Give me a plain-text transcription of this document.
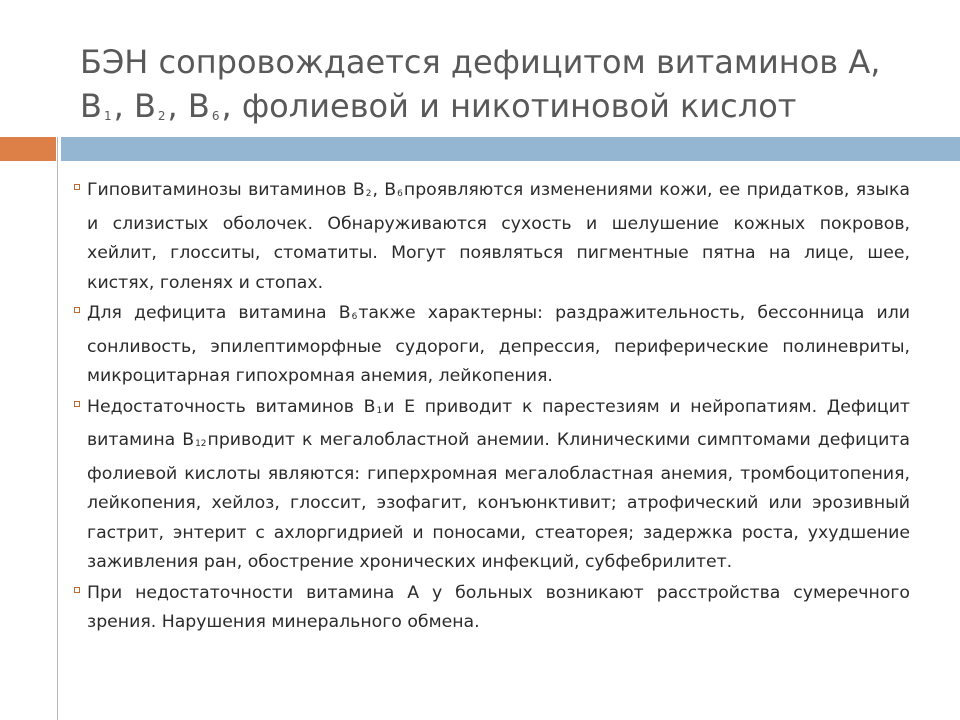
БЭН сопровождается дефицитом витаминов A,
B $_1$, B $_2$, B $_6$, фолиевой и никотиновой кислот

Гиповитаминозы витаминов B2, B6проявляются изменениями кожи, ее придатков, языка и слизистых оболочек. Обнаруживаются сухость и шелушение кожных покровов, хейлит, глосситы, стоматиты. Могут появляться пигментные пятна на лице, шее, кистях, голенях и стопах.

Для дефицита витамина B6также характерны: раздражительность, бессонница или сонливость, эпилептиморфные судороги, депрессия, периферические полиневриты, микроцитарная гипохромная анемия, лейкопения.

Недостаточность витаминов B1и Е приводит к парестезиям и нейропатиям. Дефицит витамина B12приводит к мегалобластной анемии. Клиническими симптомами дефицита фолиевой кислоты являются: гиперхромная мегалобластная анемия, тромбоцитопения, лейкопения, хейлоз, глоссит, эзофагит, конъюнктивит; атрофический или эрозивный гастрит, энтерит с ахлоргидрией и поносами, стеаторея; задержка роста, ухудшение заживления ран, обострение хронических инфекций, субфебрилитет.

При недостаточности витамина А у больных возникают расстройства сумеречного зрения. Нарушения минерального обмена.
